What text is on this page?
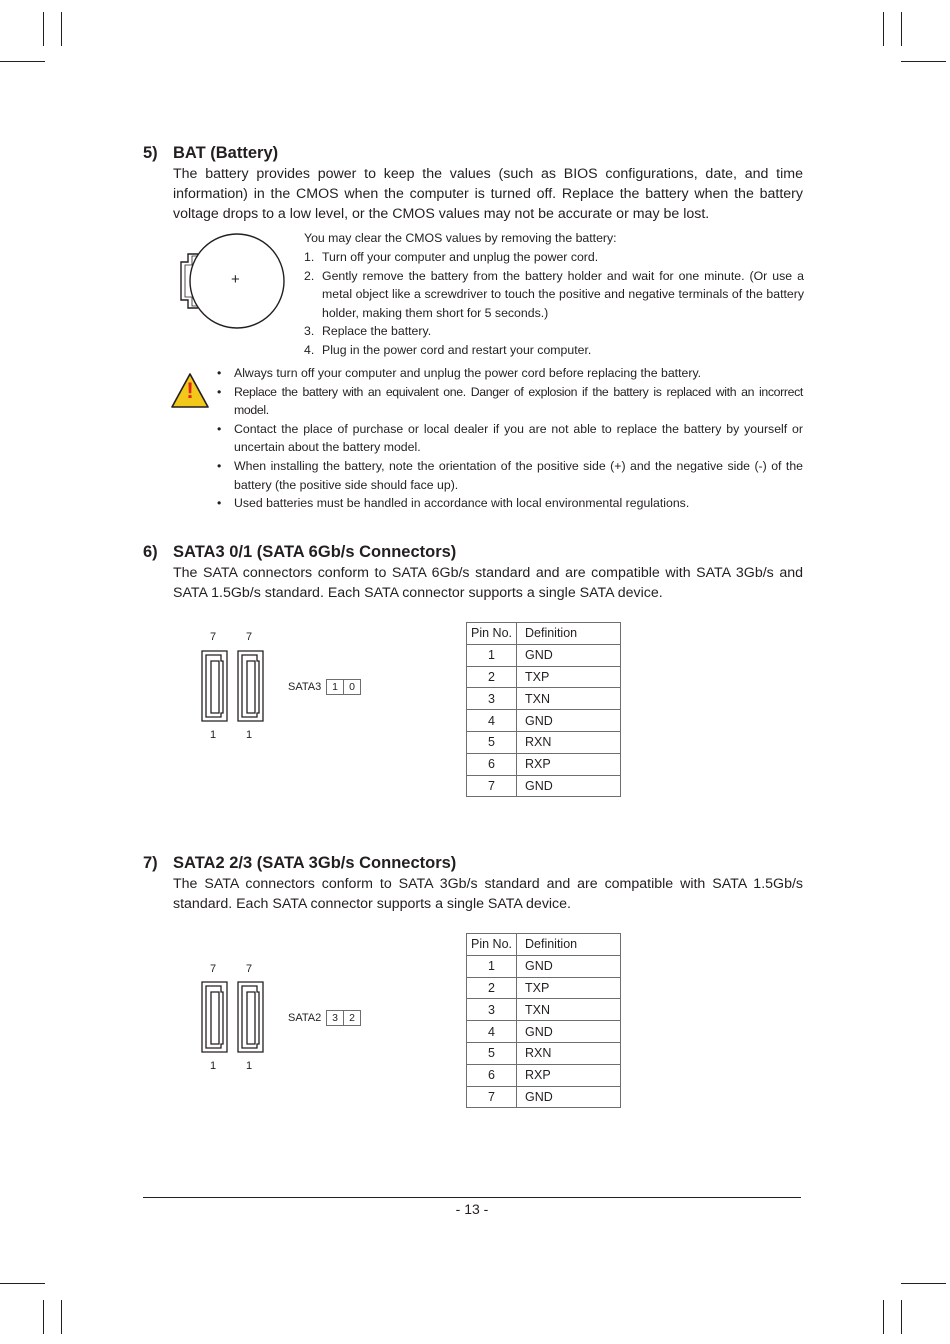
5) BAT (Battery)
The battery provides power to keep the values (such as BIOS configurations, date, and time information) in the CMOS when the computer is turned off. Replace the battery when the battery voltage drops to a low level, or the CMOS values may not be accurate or may be lost.
+
You may clear the CMOS values by removing the battery:
1. Turn off your computer and unplug the power cord.
2. Gently remove the battery from the battery holder and wait for one minute. (Or use a metal object like a screwdriver to touch the positive and negative terminals of the battery holder, making them short for 5 seconds.)
3. Replace the battery.
4. Plug in the power cord and restart your computer.
!
• Always turn off your computer and unplug the power cord before replacing the battery.
• Replace the battery with an equivalent one. Danger of explosion if the battery is replaced with an incorrect model.
• Contact the place of purchase or local dealer if you are not able to replace the battery by yourself or uncertain about the battery model.
• When installing the battery, note the orientation of the positive side (+) and the negative side (-) of the battery (the positive side should face up).
• Used batteries must be handled in accordance with local environmental regulations.
6) SATA3 0/1 (SATA 6Gb/s Connectors)
The SATA connectors conform to SATA 6Gb/s standard and are compatible with SATA 3Gb/s and SATA 1.5Gb/s standard. Each SATA connector supports a single SATA device.
7	7
1	1
SATA3 1	0
Pin No.	Definition
1	GND
2	TXP
3	TXN
4	GND
5	RXN
6	RXP
7	GND
7) SATA2 2/3 (SATA 3Gb/s Connectors)
The SATA connectors conform to SATA 3Gb/s standard and are compatible with SATA 1.5Gb/s standard. Each SATA connector supports a single SATA device.
7	7
1	1
SATA2 3	2
Pin No.	Definition
1	GND
2	TXP
3	TXN
4	GND
5	RXN
6	RXP
7	GND
- 13 -
